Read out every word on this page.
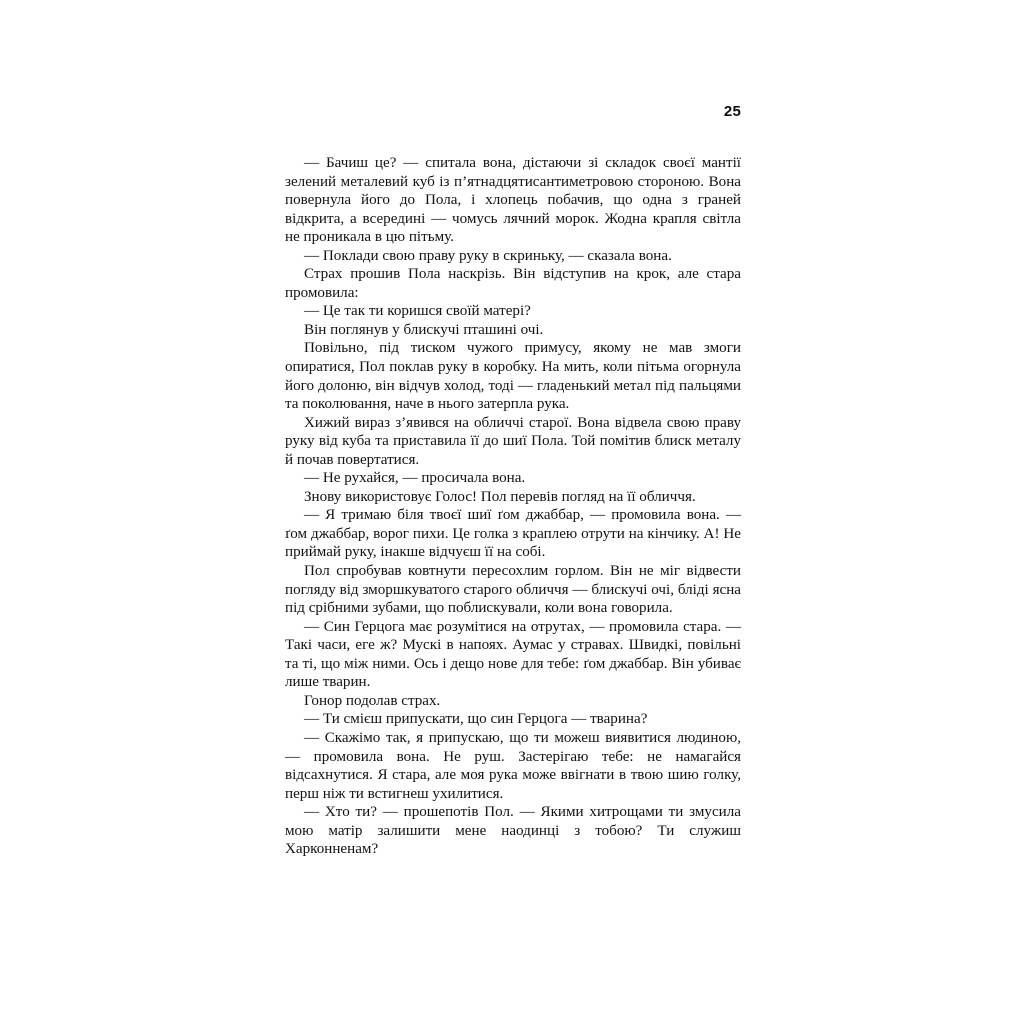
25

— Бачиш це? — спитала вона, дістаючи зі складок своєї мантії зелений металевий куб із п’ятнадцятисантиметровою стороною. Вона повернула його до Пола, і хлопець побачив, що одна з граней відкрита, а всередині — чомусь лячний морок. Жодна крапля світла не проникала в цю пітьму.

— Поклади свою праву руку в скриньку, — сказала вона.

Страх прошив Пола наскрізь. Він відступив на крок, але стара промовила:

— Це так ти коришся своїй матері?

Він поглянув у блискучі пташині очі.

Повільно, під тиском чужого примусу, якому не мав змоги опиратися, Пол поклав руку в коробку. На мить, коли пітьма огорнула його долоню, він відчув холод, тоді — гладенький метал під пальцями та поколювання, наче в нього затерпла рука.

Хижий вираз з’явився на обличчі старої. Вона відвела свою праву руку від куба та приставила її до шиї Пола. Той помітив блиск металу й почав повертатися.

— Не рухайся, — просичала вона.

Знову використовує Голос! Пол перевів погляд на її обличчя.

— Я тримаю біля твоєї шиї ґом джаббар, — промовила вона. — ґом джаббар, ворог пихи. Це голка з краплею отрути на кінчику. А! Не приймай руку, інакше відчуєш її на собі.

Пол спробував ковтнути пересохлим горлом. Він не міг відвести погляду від зморшкуватого старого обличчя — блискучі очі, бліді ясна під срібними зубами, що поблискували, коли вона говорила.

— Син Герцога має розумітися на отрутах, — промовила стара. — Такі часи, еге ж? Мускі в напоях. Аумас у стравах. Швидкі, повільні та ті, що між ними. Ось і дещо нове для тебе: ґом джаббар. Він убиває лише тварин.

Гонор подолав страх.

— Ти смієш припускати, що син Герцога — тварина?

— Скажімо так, я припускаю, що ти можеш виявитися людиною, — промовила вона. Не руш. Застерігаю тебе: не намагайся відсахнутися. Я стара, але моя рука може ввігнати в твою шию голку, перш ніж ти встигнеш ухилитися.

— Хто ти? — прошепотів Пол. — Якими хитрощами ти змусила мою матір залишити мене наодинці з тобою? Ти служиш Харконненам?
